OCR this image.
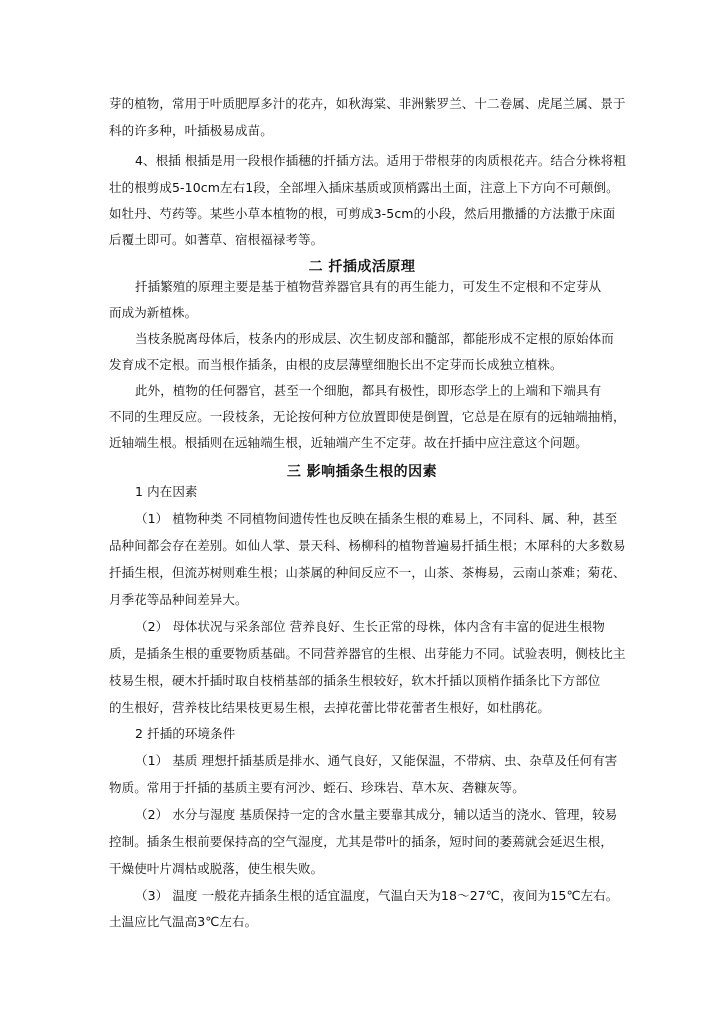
芽的植物，常用于叶质肥厚多汁的花卉，如秋海棠、非洲紫罗兰、十二卷属、虎尾兰属、景于
科的许多种，叶插极易成苗。
4、根插 根插是用一段根作插穗的扦插方法。适用于带根芽的肉质根花卉。结合分株将粗
壮的根剪成5-10cm左右1段，全部埋入插床基质或顶梢露出土面，注意上下方向不可颠倒。
如牡丹、芍药等。某些小草本植物的根，可剪成3-5cm的小段，然后用撒播的方法撒于床面
后覆土即可。如蓍草、宿根福禄考等。
二 扦插成活原理
扦插繁殖的原理主要是基于植物营养器官具有的再生能力，可发生不定根和不定芽从
而成为新植株。
当枝条脱离母体后，枝条内的形成层、次生韧皮部和髓部，都能形成不定根的原始体而
发育成不定根。而当根作插条，由根的皮层薄壁细胞长出不定芽而长成独立植株。
此外，植物的任何器官，甚至一个细胞，都具有极性，即形态学上的上端和下端具有
不同的生理反应。一段枝条，无论按何种方位放置即使是倒置，它总是在原有的远轴端抽梢，
近轴端生根。根插则在远轴端生根，近轴端产生不定芽。故在扦插中应注意这个问题。
三 影响插条生根的因素
1 内在因素
（1） 植物种类 不同植物间遗传性也反映在插条生根的难易上，不同科、属、种，甚至
品种间都会存在差别。如仙人掌、景天科、杨柳科的植物普遍易扦插生根；木犀科的大多数易
扦插生根，但流苏树则难生根；山茶属的种间反应不一，山茶、茶梅易，云南山茶难；菊花、
月季花等品种间差异大。
（2） 母体状况与采条部位 营养良好、生长正常的母株，体内含有丰富的促进生根物
质，是插条生根的重要物质基础。不同营养器官的生根、出芽能力不同。试验表明，侧枝比主
枝易生根，硬木扦插时取自枝梢基部的插条生根较好，软木扦插以顶梢作插条比下方部位
的生根好，营养枝比结果枝更易生根，去掉花蕾比带花蕾者生根好，如杜鹃花。
2 扦插的环境条件
（1） 基质 理想扦插基质是排水、通气良好，又能保温，不带病、虫、杂草及任何有害
物质。常用于扦插的基质主要有河沙、蛭石、珍珠岩、草木灰、砻糠灰等。
（2） 水分与湿度 基质保持一定的含水量主要靠其成分，辅以适当的浇水、管理，较易
控制。插条生根前要保持高的空气湿度，尤其是带叶的插条，短时间的萎蔫就会延迟生根，
干燥使叶片凋枯或脱落，使生根失败。
（3） 温度 一般花卉插条生根的适宜温度，气温白天为18～27℃，夜间为15℃左右。
土温应比气温高3℃左右。
